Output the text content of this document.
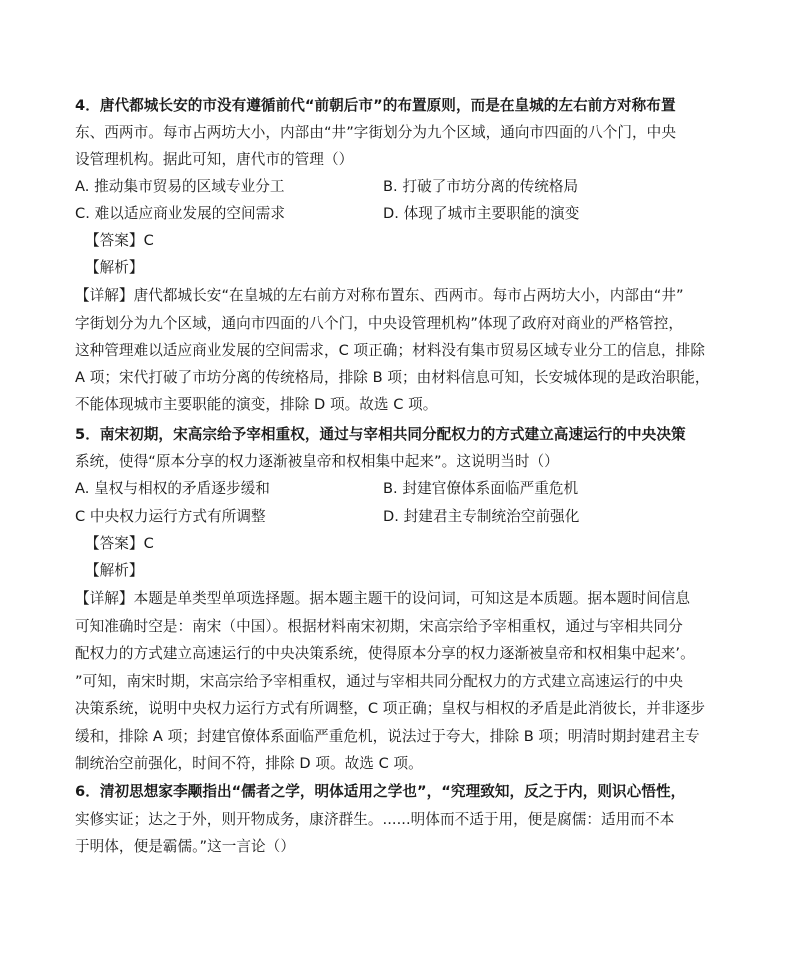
4．唐代都城长安的市没有遵循前代“前朝后市”的布置原则，而是在皇城的左右前方对称布置
东、西两市。每市占两坊大小，内部由“井”字街划分为九个区域，通向市四面的八个门，中央
设管理机构。据此可知，唐代市的管理（）
A. 推动集市贸易的区域专业分工	B. 打破了市坊分离的传统格局
C. 难以适应商业发展的空间需求	D. 体现了城市主要职能的演变
【答案】C
【解析】
【详解】唐代都城长安“在皇城的左右前方对称布置东、西两市。每市占两坊大小，内部由“井”
字街划分为九个区域，通向市四面的八个门，中央设管理机构”体现了政府对商业的严格管控，
这种管理难以适应商业发展的空间需求，C 项正确；材料没有集市贸易区域专业分工的信息，排除
A 项；宋代打破了市坊分离的传统格局，排除 B 项；由材料信息可知，长安城体现的是政治职能，
不能体现城市主要职能的演变，排除 D 项。故选 C 项。
5．南宋初期，宋高宗给予宰相重权，通过与宰相共同分配权力的方式建立高速运行的中央决策
系统，使得“原本分享的权力逐渐被皇帝和权相集中起来”。这说明当时（）
A. 皇权与相权的矛盾逐步缓和	B. 封建官僚体系面临严重危机
C 中央权力运行方式有所调整	D. 封建君主专制统治空前强化
【答案】C
【解析】
【详解】本题是单类型单项选择题。据本题主题干的设问词，可知这是本质题。据本题时间信息
可知准确时空是：南宋（中国）。根据材料南宋初期，宋高宗给予宰相重权，通过与宰相共同分
配权力的方式建立高速运行的中央决策系统，使得原本分享的权力逐渐被皇帝和权相集中起来’。
”可知，南宋时期，宋高宗给予宰相重权，通过与宰相共同分配权力的方式建立高速运行的中央
决策系统，说明中央权力运行方式有所调整，C 项正确；皇权与相权的矛盾是此消彼长，并非逐步
缓和，排除 A 项；封建官僚体系面临严重危机，说法过于夸大，排除 B 项；明清时期封建君主专
制统治空前强化，时间不符，排除 D 项。故选 C 项。
6．清初思想家李颙指出“儒者之学，明体适用之学也”，“究理致知，反之于内，则识心悟性，
实修实证；达之于外，则开物成务，康济群生。......明体而不适于用，便是腐儒：适用而不本
于明体，便是霸儒。”这一言论（）
